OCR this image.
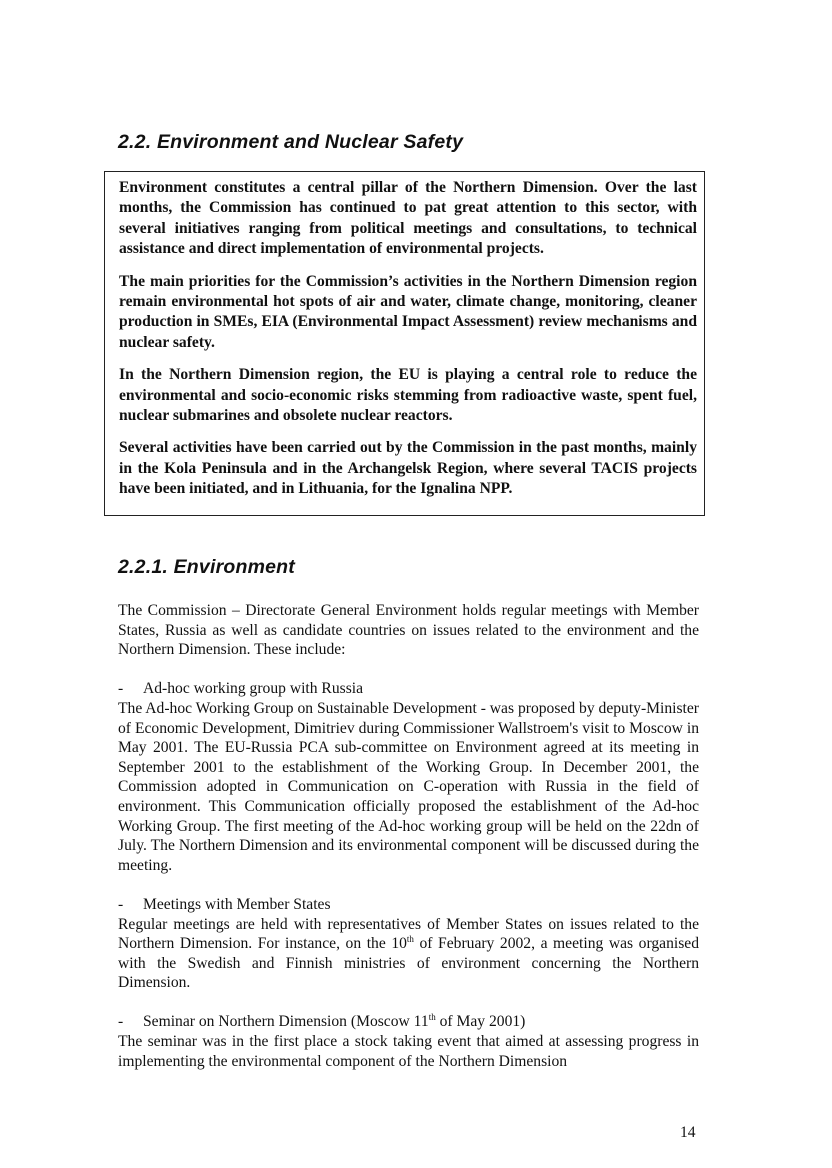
2.2. Environment and Nuclear Safety

Environment constitutes a central pillar of the Northern Dimension. Over the last months, the Commission has continued to pat great attention to this sector, with several initiatives ranging from political meetings and consultations, to technical assistance and direct implementation of environmental projects.

The main priorities for the Commission’s activities in the Northern Dimension region remain environmental hot spots of air and water, climate change, monitoring, cleaner production in SMEs, EIA (Environmental Impact Assessment) review mechanisms and nuclear safety.

In the Northern Dimension region, the EU is playing a central role to reduce the environmental and socio-economic risks stemming from radioactive waste, spent fuel, nuclear submarines and obsolete nuclear reactors.

Several activities have been carried out by the Commission in the past months, mainly in the Kola Peninsula and in the Archangelsk Region, where several TACIS projects have been initiated, and in Lithuania, for the Ignalina NPP.

2.2.1. Environment

The Commission – Directorate General Environment holds regular meetings with Member States, Russia as well as candidate countries on issues related to the environment and the Northern Dimension. These include:

- Ad-hoc working group with Russia
The Ad-hoc Working Group on Sustainable Development - was proposed by deputy-Minister of Economic Development, Dimitriev during Commissioner Wallstroem's visit to Moscow in May 2001. The EU-Russia PCA sub-committee on Environment agreed at its meeting in September 2001 to the establishment of the Working Group. In December 2001, the Commission adopted in Communication on C-operation with Russia in the field of environment. This Communication officially proposed the establishment of the Ad-hoc Working Group. The first meeting of the Ad-hoc working group will be held on the 22dn of July. The Northern Dimension and its environmental component will be discussed during the meeting.

- Meetings with Member States
Regular meetings are held with representatives of Member States on issues related to the Northern Dimension. For instance, on the 10th of February 2002, a meeting was organised with the Swedish and Finnish ministries of environment concerning the Northern Dimension.

- Seminar on Northern Dimension (Moscow 11th of May 2001)
The seminar was in the first place a stock taking event that aimed at assessing progress in implementing the environmental component of the Northern Dimension

14
